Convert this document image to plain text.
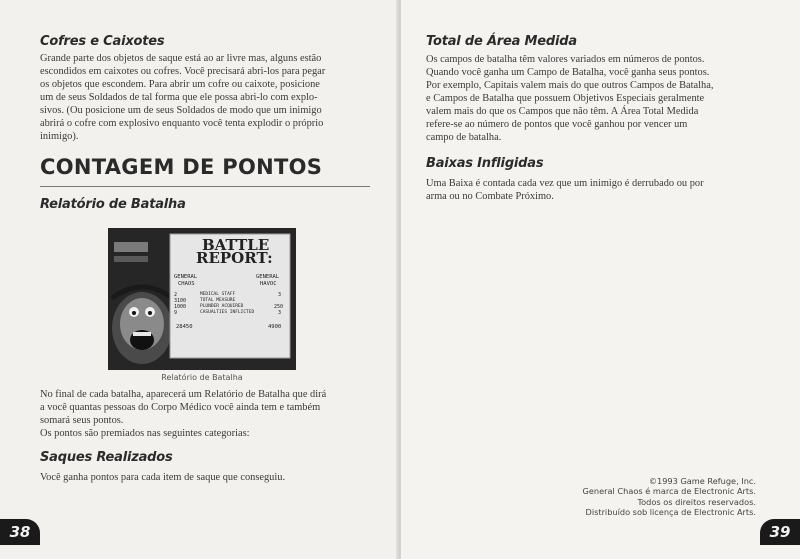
Cofres e Caixotes

Grande parte dos objetos de saque está ao ar livre mas, alguns estão

escondidos em caixotes ou cofres. Você precisará abri-los para pegar

os objetos que escondem. Para abrir um cofre ou caixote, posicione

um de seus Soldados de tal forma que ele possa abri-lo com explo-

sivos. (Ou posicione um de seus Soldados de modo que um inimigo

abrirá o cofre com explosivo enquanto você tenta explodir o próprio

inimigo).

CONTAGEM DE PONTOS
Relatório de Batalha
BATTLE
REPORT:
GENERAL
CHAOS
GENERAL
HAVOC
2	MEDICAL STAFF	3
3100	TOTAL MEASURE
1000	PLUNDER ACQUIRED	250
9	CASUALTIES INFLICTED	3
28450	4900
Relatório de Batalha

No final de cada batalha, aparecerá um Relatório de Batalha que dirá

a você quantas pessoas do Corpo Médico você ainda tem e também

somará seus pontos.

Os pontos são premiados nas seguintes categorias:

Saques Realizados

Você ganha pontos para cada item de saque que conseguiu.

38
Total de Área Medida

Os campos de batalha têm valores variados em números de pontos.

Quando você ganha um Campo de Batalha, você ganha seus pontos.

Por exemplo, Capitais valem mais do que outros Campos de Batalha,

e Campos de Batalha que possuem Objetivos Especiais geralmente

valem mais do que os Campos que não têm. A Área Total Medida

refere-se ao número de pontos que você ganhou por vencer um

campo de batalha.

Baixas Infligidas

Uma Baixa é contada cada vez que um inimigo é derrubado ou por

arma ou no Combate Próximo.

©1993 Game Refuge, Inc.
General Chaos é marca de Electronic Arts.
Todos os direitos reservados.
Distribuído sob licença de Electronic Arts.
39
